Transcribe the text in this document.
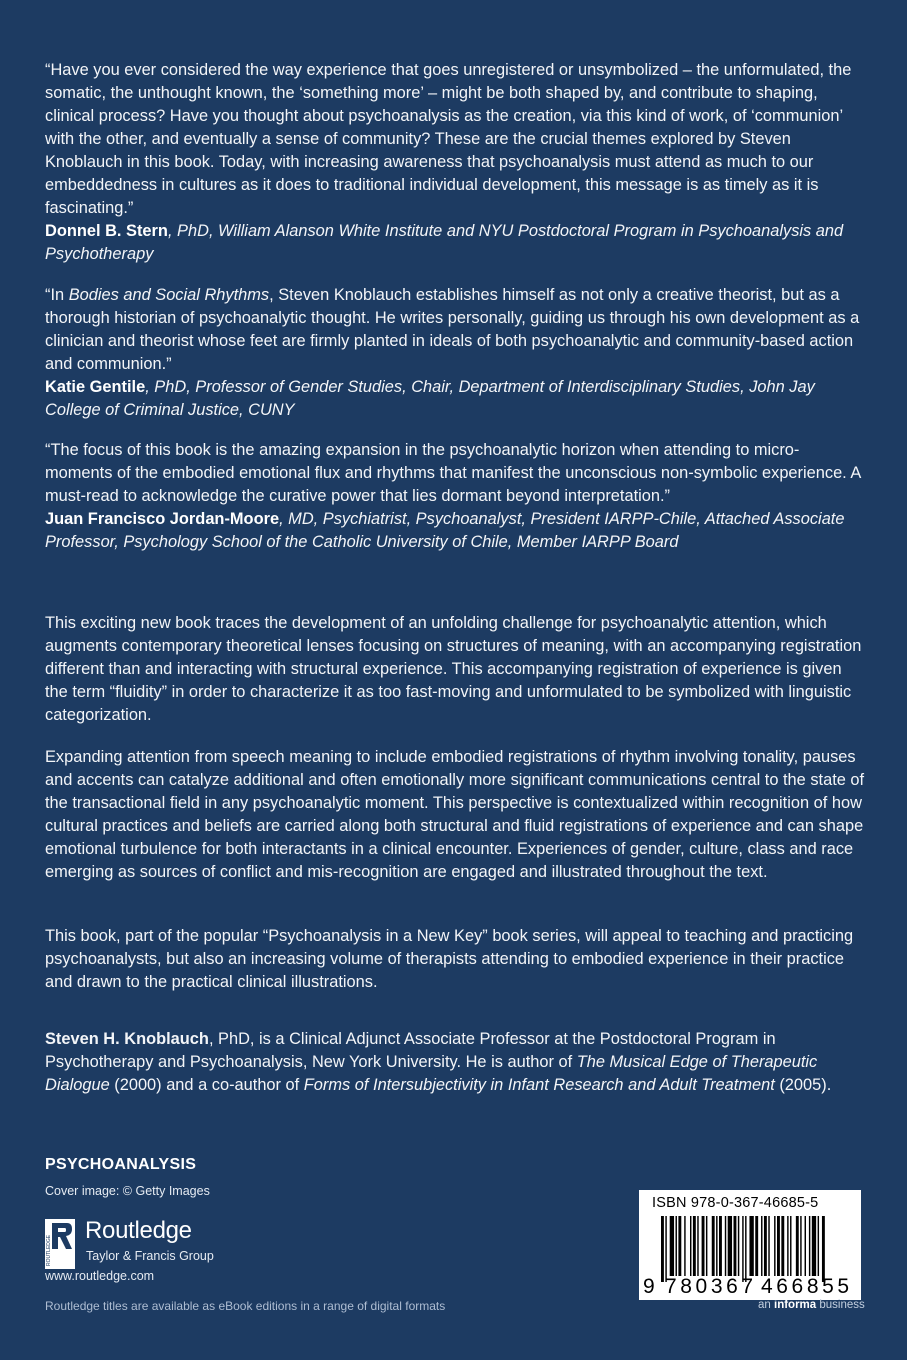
“Have you ever considered the way experience that goes unregistered or unsymbolized – the unformulated, the somatic, the unthought known, the ‘something more’ – might be both shaped by, and contribute to shaping, clinical process? Have you thought about psychoanalysis as the creation, via this kind of work, of ‘communion’ with the other, and eventually a sense of community? These are the crucial themes explored by Steven Knoblauch in this book. Today, with increasing awareness that psychoanalysis must attend as much to our embeddedness in cultures as it does to traditional individual development, this message is as timely as it is fascinating.”

Donnel B. Stern, PhD, William Alanson White Institute and NYU Postdoctoral Program in Psychoanalysis and Psychotherapy

“In Bodies and Social Rhythms, Steven Knoblauch establishes himself as not only a creative theorist, but as a thorough historian of psychoanalytic thought. He writes personally, guiding us through his own development as a clinician and theorist whose feet are firmly planted in ideals of both psychoanalytic and community-based action and communion.”

Katie Gentile, PhD, Professor of Gender Studies, Chair, Department of Interdisciplinary Studies, John Jay College of Criminal Justice, CUNY

“The focus of this book is the amazing expansion in the psychoanalytic horizon when attending to micro-moments of the embodied emotional flux and rhythms that manifest the unconscious non-symbolic experience. A must-read to acknowledge the curative power that lies dormant beyond interpretation.”

Juan Francisco Jordan-Moore, MD, Psychiatrist, Psychoanalyst, President IARPP-Chile, Attached Associate Professor, Psychology School of the Catholic University of Chile, Member IARPP Board

This exciting new book traces the development of an unfolding challenge for psychoanalytic attention, which augments contemporary theoretical lenses focusing on structures of meaning, with an accompanying registration different than and interacting with structural experience. This accompanying registration of experience is given the term “fluidity” in order to characterize it as too fast-moving and unformulated to be symbolized with linguistic categorization.

Expanding attention from speech meaning to include embodied registrations of rhythm involving tonality, pauses and accents can catalyze additional and often emotionally more significant communications central to the state of the transactional field in any psychoanalytic moment. This perspective is contextualized within recognition of how cultural practices and beliefs are carried along both structural and fluid registrations of experience and can shape emotional turbulence for both interactants in a clinical encounter. Experiences of gender, culture, class and race emerging as sources of conflict and mis-recognition are engaged and illustrated throughout the text.

This book, part of the popular “Psychoanalysis in a New Key” book series, will appeal to teaching and practicing psychoanalysts, but also an increasing volume of therapists attending to embodied experience in their practice and drawn to the practical clinical illustrations.

Steven H. Knoblauch, PhD, is a Clinical Adjunct Associate Professor at the Postdoctoral Program in Psychotherapy and Psychoanalysis, New York University. He is author of The Musical Edge of Therapeutic Dialogue (2000) and a co-author of Forms of Intersubjectivity in Infant Research and Adult Treatment (2005).

PSYCHOANALYSIS
Cover image: © Getty Images
ROUTLEDGE
Routledge
Taylor & Francis Group
www.routledge.com
Routledge titles are available as eBook editions in a range of digital formats
ISBN 978-0-367-46685-5
9 780367 466855
an informa business
